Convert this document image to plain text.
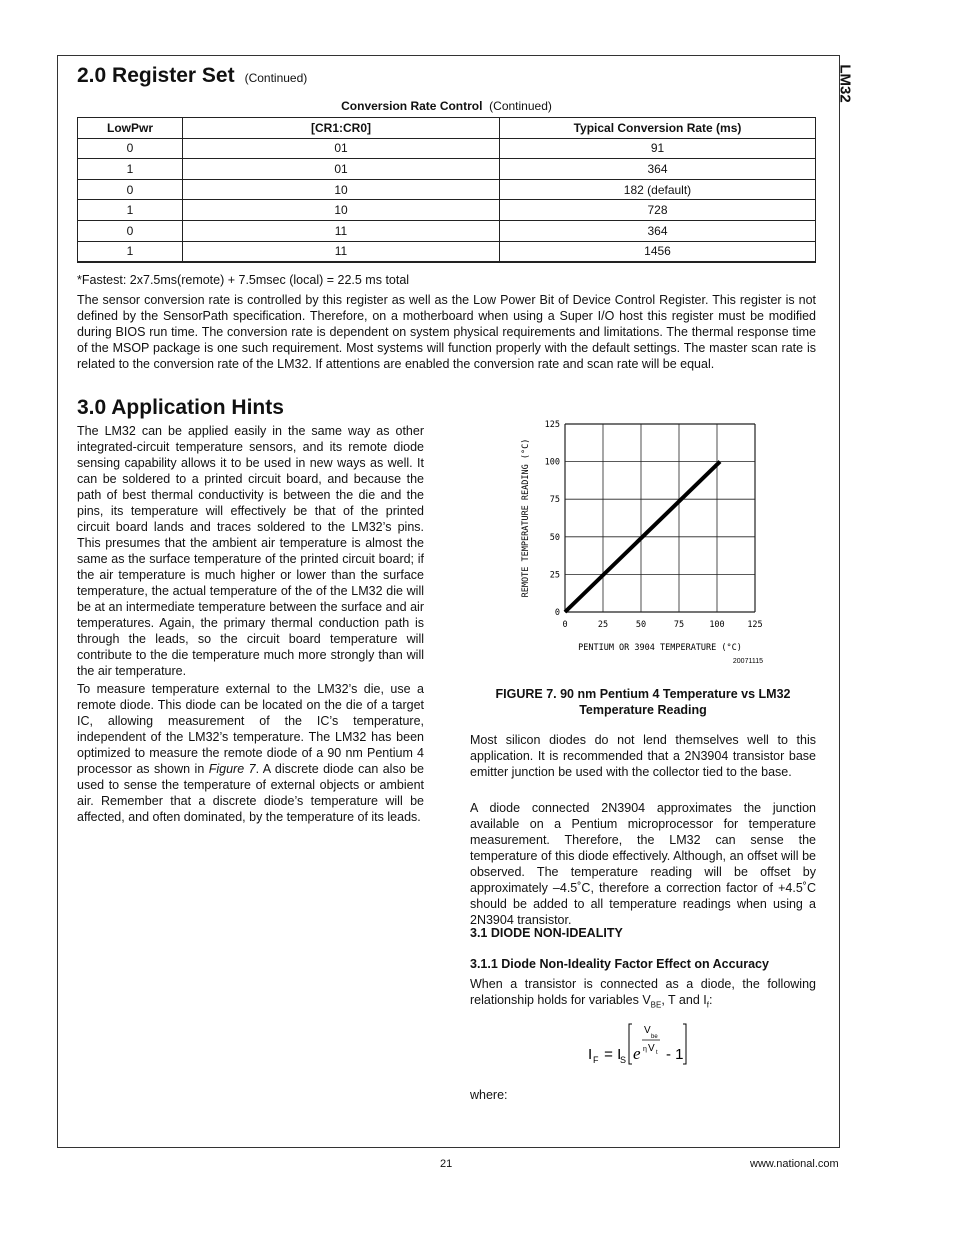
LM32
2.0 Register Set (Continued)
Conversion Rate Control (Continued)
LowPwr	[CR1:CR0]	Typical Conversion Rate (ms)
0	01	91
1	01	364
0	10	182 (default)
1	10	728
0	11	364
1	11	1456
*Fastest: 2x7.5ms(remote) + 7.5msec (local) = 22.5 ms total

The sensor conversion rate is controlled by this register as well as the Low Power Bit of Device Control Register. This register is not defined by the SensorPath specification. Therefore, on a motherboard when using a Super I/O host this register must be modified during BIOS run time. The conversion rate is dependent on system physical requirements and limitations. The thermal response time of the MSOP package is one such requirement. Most systems will function properly with the default settings. The master scan rate is related to the conversion rate of the LM32. If attentions are enabled the conversion rate and scan rate will be equal.

3.0 Application Hints

The LM32 can be applied easily in the same way as other integrated-circuit temperature sensors, and its remote diode sensing capability allows it to be used in new ways as well. It can be soldered to a printed circuit board, and because the path of best thermal conductivity is between the die and the pins, its temperature will effectively be that of the printed circuit board lands and traces soldered to the LM32’s pins. This presumes that the ambient air temperature is almost the same as the surface temperature of the printed circuit board; if the air temperature is much higher or lower than the surface temperature, the actual temperature of the of the LM32 die will be at an intermediate temperature between the surface and air temperatures. Again, the primary thermal conduction path is through the leads, so the circuit board temperature will contribute to the die temperature much more strongly than will the air temperature.

To measure temperature external to the LM32’s die, use a remote diode. This diode can be located on the die of a target IC, allowing measurement of the IC’s temperature, independent of the LM32’s temperature. The LM32 has been optimized to measure the remote diode of a 90 nm Pentium 4 processor as shown in Figure 7. A discrete diode can also be used to sense the temperature of external objects or ambient air. Remember that a discrete diode’s temperature will be affected, and often dominated, by the temperature of its leads.

0	25	50	75	100	125
0
25
50
75
100
125
PENTIUM OR 3904 TEMPERATURE (°C)
REMOTE TEMPERATURE READING (°C)
20071115
FIGURE 7. 90 nm Pentium 4 Temperature vs LM32 Temperature Reading

Most silicon diodes do not lend themselves well to this application. It is recommended that a 2N3904 transistor base emitter junction be used with the collector tied to the base.

A diode connected 2N3904 approximates the junction available on a Pentium microprocessor for temperature measurement. Therefore, the LM32 can sense the temperature of this diode effectively. Although, an offset will be observed. The temperature reading will be offset by approximately –4.5˚C, therefore a correction factor of +4.5˚C should be added to all temperature readings when using a 2N3904 transistor.

3.1 DIODE NON-IDEALITY
3.1.1 Diode Non-Ideality Factor Effect on Accuracy

When a transistor is connected as a diode, the following relationship holds for variables $V_{BE}$, T and $I_f$:

I F = I
S e
V
be
η V t - 1
where:
21	www.national.com
